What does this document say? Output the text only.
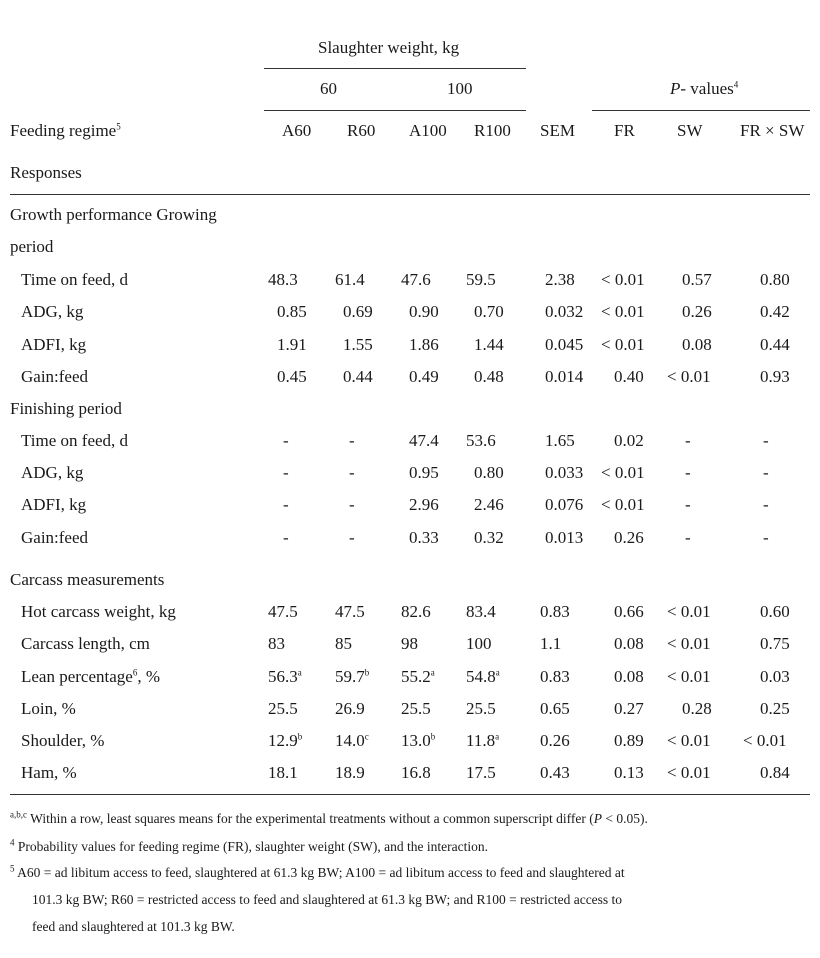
Slaughter weight, kg
60	100	P- values$^4$
Feeding regime$^5$	A60 R60 A100 R100 SEM FR SW FR × SW
Responses
Growth performance Growing
period
Time on feed, d	48.3 61.4 47.6 59.5	2.38 < 0.01 0.57	0.80
ADG, kg	0.85 0.69 0.90 0.70 0.032 < 0.01 0.26	0.42
ADFI, kg	1.91 1.55 1.86 1.44 0.045 < 0.01 0.08	0.44
Gain:feed	0.45 0.44 0.49 0.48 0.014 0.40 < 0.01	0.93
Finishing period
Time on feed, d	-	-	47.4 53.6	1.65 0.02 -	-
ADG, kg	-	-	0.95 0.80 0.033 < 0.01 -	-
ADFI, kg	-	-	2.96 2.46 0.076 < 0.01 -	-
Gain:feed	-	-	0.33 0.32 0.013 0.26 -	-
Carcass measurements
Hot carcass weight, kg	47.5 47.5 82.6 83.4	0.83	0.66 < 0.01	0.60
Carcass length, cm	83	85	98	100	1.1	0.08 < 0.01	0.75
Lean percentage$^6$, %	56.3$^a$ 59.7$^b$ 55.2$^a$ 54.8$^a$ 0.83	0.08 < 0.01	0.03
Loin, %	25.5 26.9 25.5 25.5	0.65	0.27 0.28	0.25
Shoulder, %	12.9$^b$ 14.0$^c$ 13.0$^b$ 11.8$^a$ 0.26	0.89 < 0.01 < 0.01
Ham, %	18.1 18.9 16.8 17.5	0.43	0.13 < 0.01	0.84
$^{a,b,c}$ Within a row, least squares means for the experimental treatments without a common superscript differ (P < 0.05).
$^4$ Probability values for feeding regime (FR), slaughter weight (SW), and the interaction.
$^5$ A60 = ad libitum access to feed, slaughtered at 61.3 kg BW; A100 = ad libitum access to feed and slaughtered at
101.3 kg BW; R60 = restricted access to feed and slaughtered at 61.3 kg BW; and R100 = restricted access to
feed and slaughtered at 101.3 kg BW.
